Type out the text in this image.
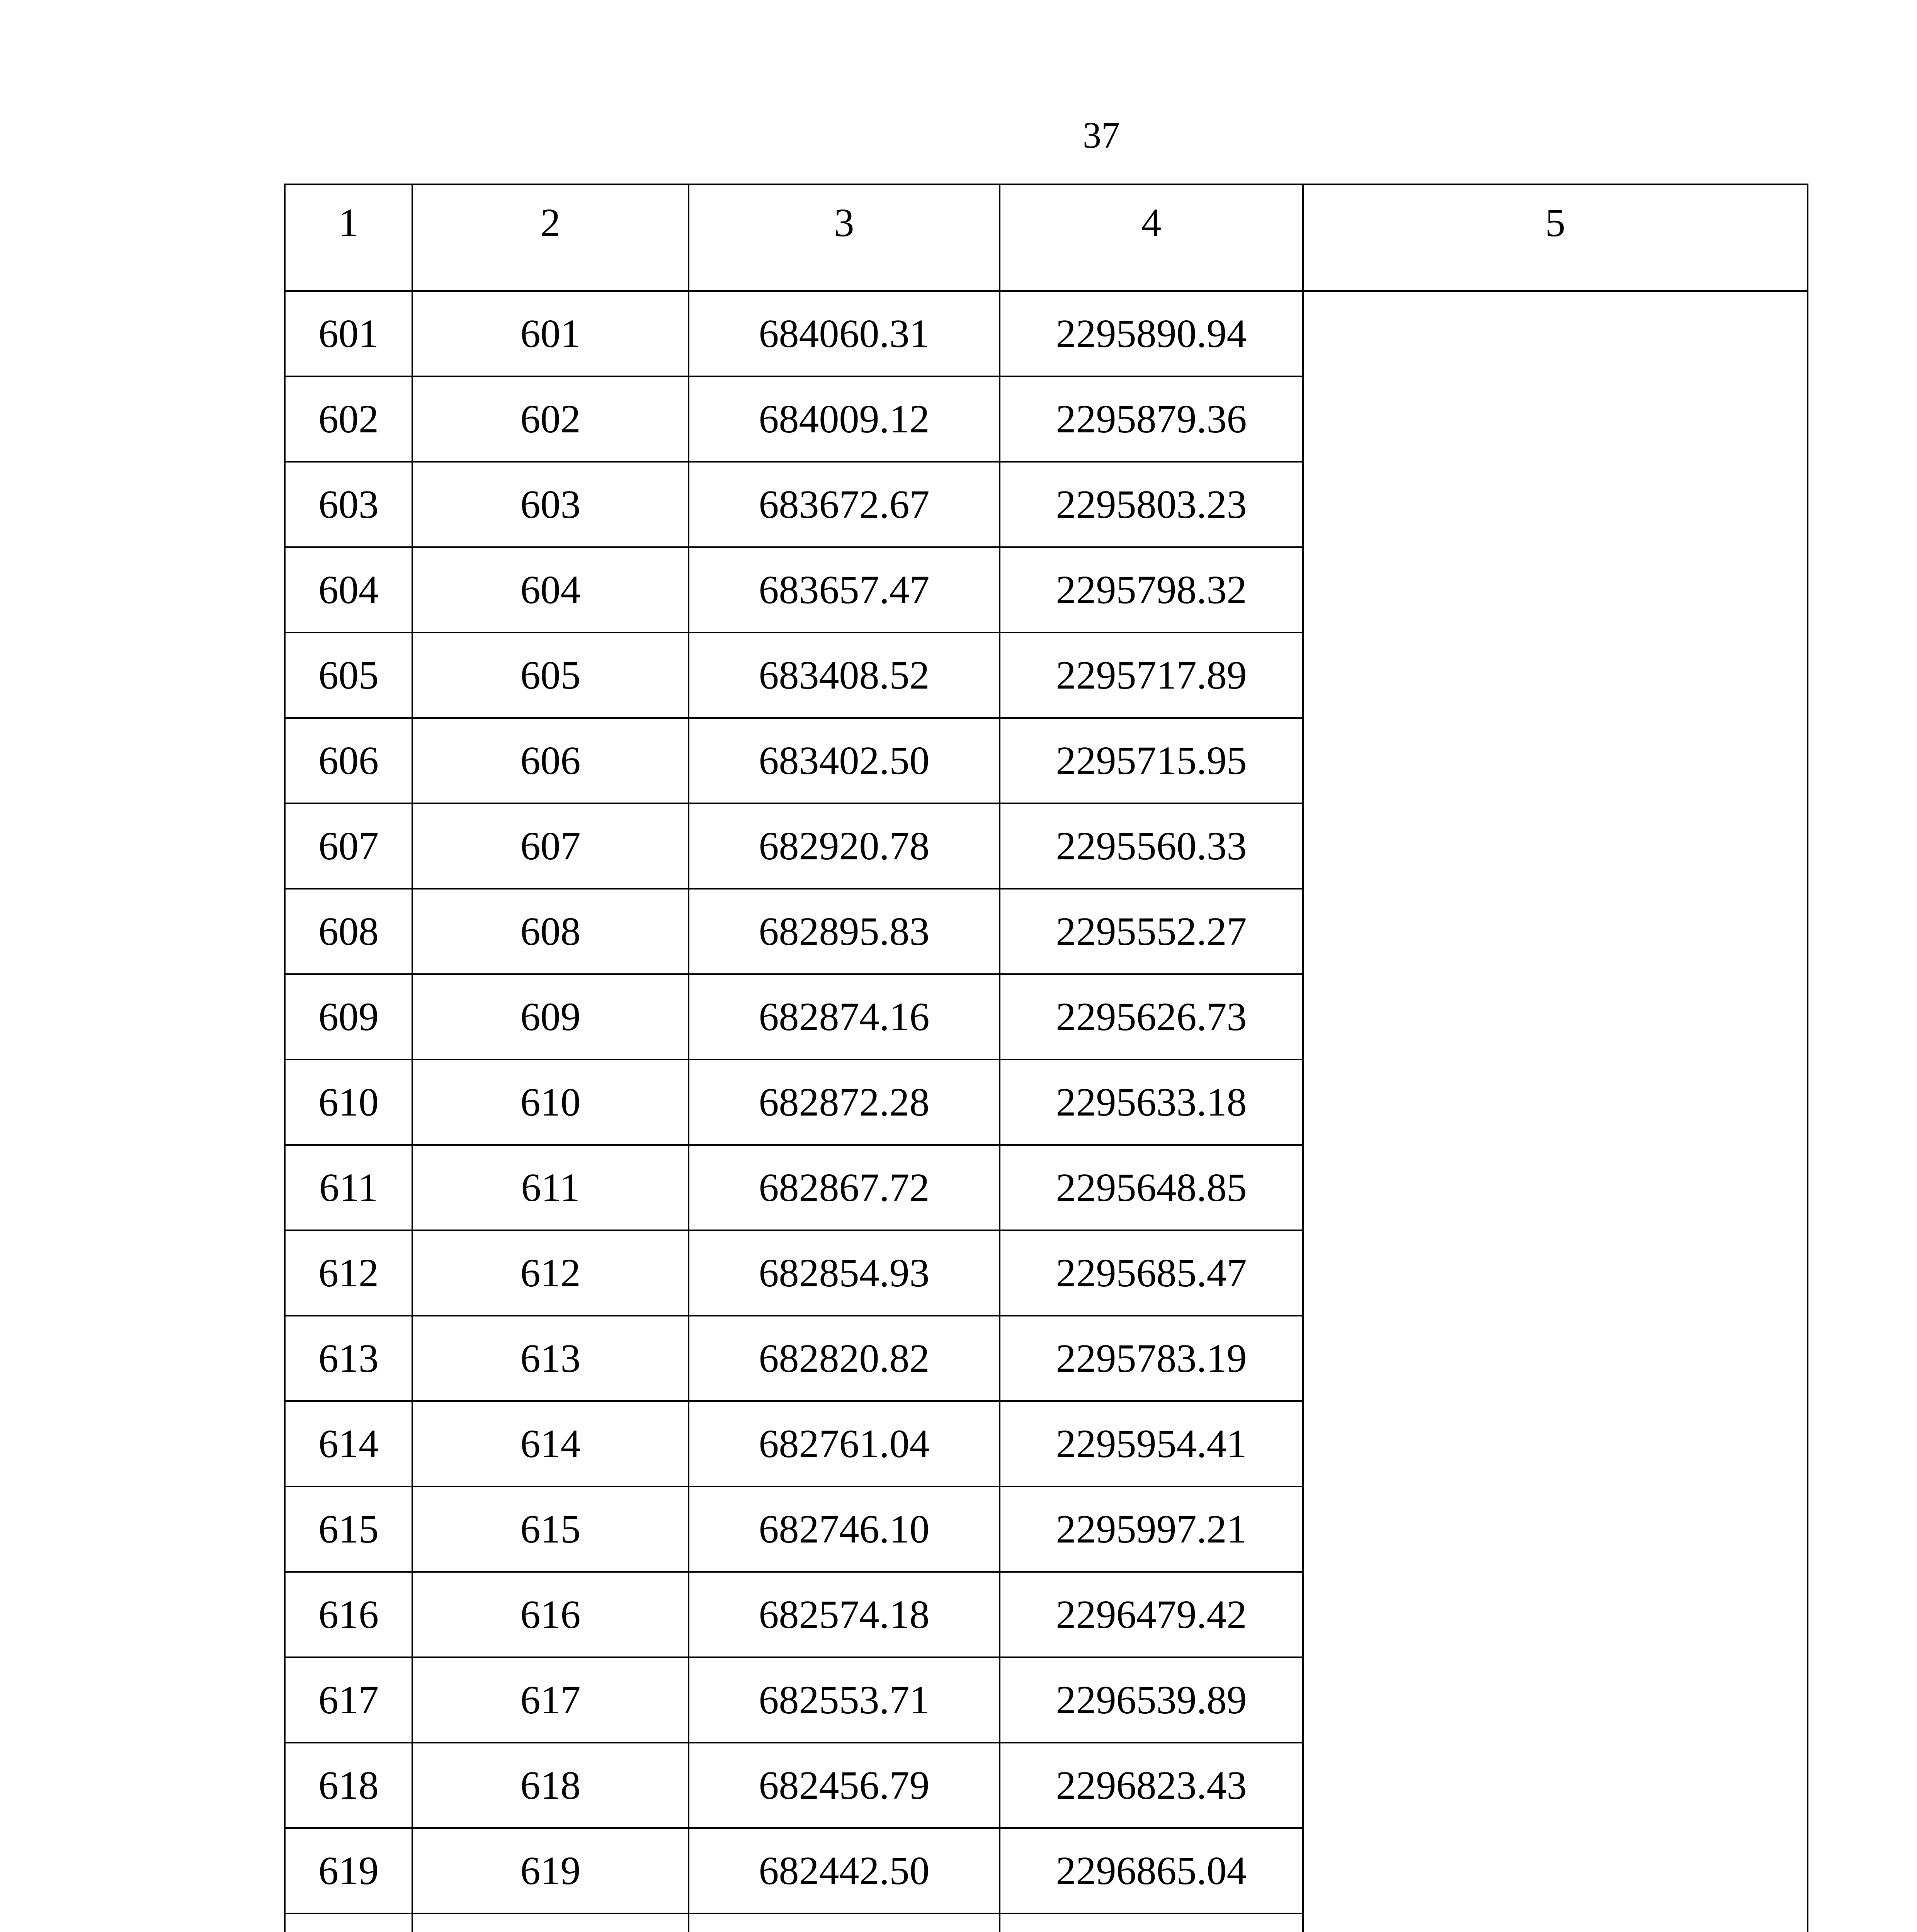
37
1	2	3	4	5
601	601	684060.31	2295890.94	
602	602	684009.12	2295879.36	
603	603	683672.67	2295803.23	
604	604	683657.47	2295798.32	
605	605	683408.52	2295717.89	
606	606	683402.50	2295715.95	
607	607	682920.78	2295560.33	
608	608	682895.83	2295552.27	
609	609	682874.16	2295626.73	
610	610	682872.28	2295633.18	
611	611	682867.72	2295648.85	
612	612	682854.93	2295685.47	
613	613	682820.82	2295783.19	
614	614	682761.04	2295954.41	
615	615	682746.10	2295997.21	
616	616	682574.18	2296479.42	
617	617	682553.71	2296539.89	
618	618	682456.79	2296823.43	
619	619	682442.50	2296865.04	
